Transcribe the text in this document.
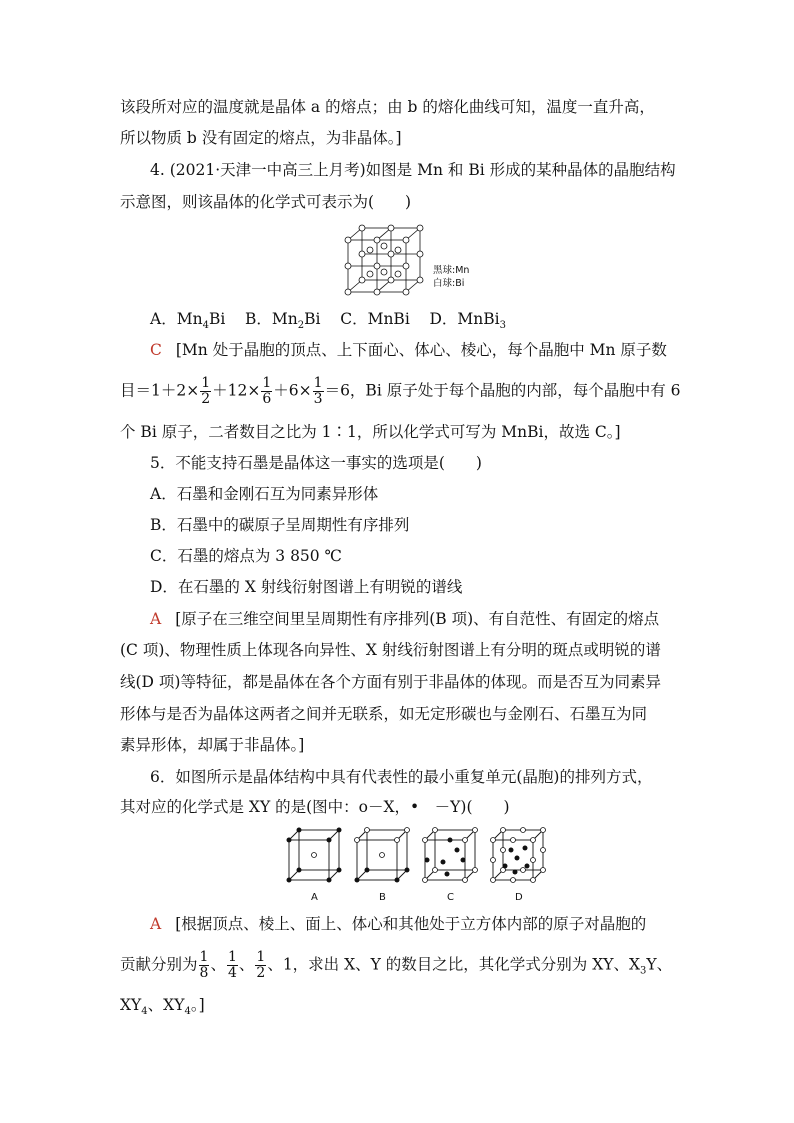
该段所对应的温度就是晶体 a 的熔点；由 b 的熔化曲线可知，温度一直升高，
所以物质 b 没有固定的熔点，为非晶体。]
4. (2021·天津一中高三上月考)如图是 Mn 和 Bi 形成的某种晶体的晶胞结构
示意图，则该晶体的化学式可表示为(　　)
黑球:Mn
白球:Bi
A．$Mn_4Bi$ B．$Mn_2Bi$ C．MnBi D．MnBi$_3$
C [Mn 处于晶胞的顶点、上下面心、体心、棱心，每个晶胞中 Mn 原子数
目$=1+2\times \frac{1}{2} +12\times \frac{1}{6} +6\times \frac{1}{3} =6$，Bi 原子处于每个晶胞的内部，每个晶胞中有 6
个 Bi 原子，二者数目之比为 1∶1，所以化学式可写为 MnBi，故选 C。]
5．不能支持石墨是晶体这一事实的选项是(　　)
A．石墨和金刚石互为同素异形体
B．石墨中的碳原子呈周期性有序排列
C．石墨的熔点为 3 850 ℃
D．在石墨的 X 射线衍射图谱上有明锐的谱线
A [原子在三维空间里呈周期性有序排列(B 项)、有自范性、有固定的熔点
(C 项)、物理性质上体现各向异性、X 射线衍射图谱上有分明的斑点或明锐的谱
线(D 项)等特征，都是晶体在各个方面有别于非晶体的体现。而是否互为同素异
形体与是否为晶体这两者之间并无联系，如无定形碳也与金刚石、石墨互为同
素异形体，却属于非晶体。]
6．如图所示是晶体结构中具有代表性的最小重复单元(晶胞)的排列方式，
其对应的化学式是 XY 的是(图中：o－X，•　－Y)(　　)
A	B	C	D
A [根据顶点、棱上、面上、体心和其他处于立方体内部的原子对晶胞的
贡献分别为 $\frac{1}{8}$ 、 $\frac{1}{4}$ 、 $\frac{1}{2}$ 、1，求出 X、Y 的数目之比，其化学式分别为 XY、$X_3Y$、
$XY_4$、$XY_4$。]
